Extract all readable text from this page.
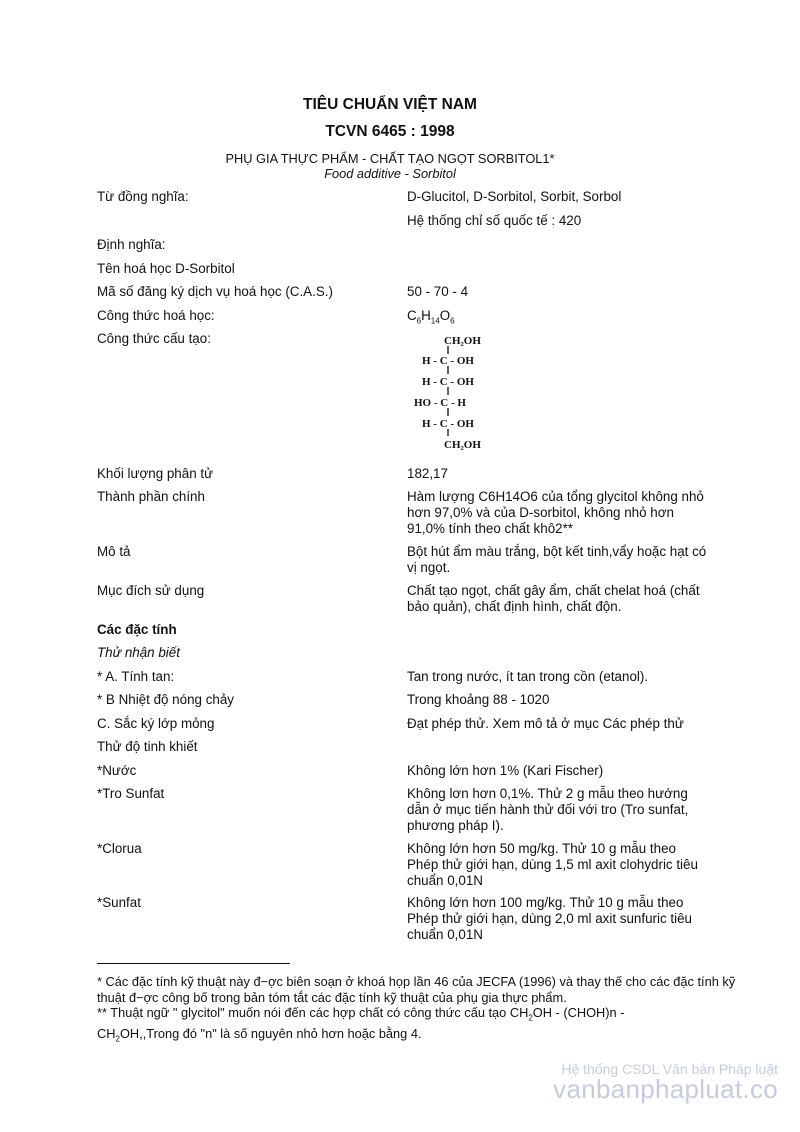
TIÊU CHUẨN VIỆT NAM
TCVN 6465 : 1998
PHỤ GIA THỰC PHẨM - CHẤT TẠO NGỌT SORBITOL1*
Food additive - Sorbitol
Từ đồng nghĩa:	D-Glucitol, D-Sorbitol, Sorbit, Sorbol
Hệ thống chỉ số quốc tế : 420
Định nghĩa:
Tên hoá học D-Sorbitol
Mã số đăng ký dịch vụ hoá học (C.A.S.)	50 - 70 - 4
Công thức hoá học:	$C_6H_{14}O_6$
Công thức cấu tạo:	CH₂OH
H - C - OH
H - C - OH
HO - C - H
H - C - OH
CH₂OH
Khối lượng phân tử	182,17
Thành phần chính	Hàm lượng C6H14O6 của tổng glycitol không nhỏ hơn 97,0% và của D-sorbitol, không nhỏ hơn 91,0% tính theo chất khô2**
Mô tả	Bột hút ẩm màu trắng, bột kết tinh,vẩy hoặc hạt có vị ngọt.
Mục đích sử dụng	Chất tạo ngọt, chất gây ẩm, chất chelat hoá (chất bảo quản), chất định hình, chất độn.
Các đặc tính
Thử nhận biết
* A. Tính tan:	Tan trong nước, ít tan trong cồn (etanol).
* B Nhiệt độ nóng chảy	Trong khoảng 88 - 1020
C. Sắc ký lớp mỏng	Đạt phép thử. Xem mô tả ở mục Các phép thử
Thử độ tinh khiết
*Nước	Không lớn hơn 1% (Kari Fischer)
*Tro Sunfat	Không lơn hơn 0,1%. Thử 2 g mẫu theo hướng dẫn ở mục tiến hành thử đối với tro (Tro sunfat, phương pháp I).
*Clorua	Không lớn hơn 50 mg/kg. Thử 10 g mẫu theo Phép thử giới hạn, dùng 1,5 ml axit clohydric tiêu chuẩn 0,01N
*Sunfat	Không lớn hơn 100 mg/kg. Thử 10 g mẫu theo Phép thử giới hạn, dùng 2,0 ml axit sunfuric tiêu chuẩn 0,01N
* Các đặc tính kỹ thuật này đ−ợc biên soạn ở khoá họp lần 46 của JECFA (1996) và thay thế cho các đặc tính kỹ thuật đ−ợc công bố trong bản tóm tắt các đặc tính kỹ thuật của phụ gia thực phẩm.
** Thuật ngữ " glycitol" muốn nói đến các hợp chất có công thức cấu tạo $CH_2OH$ - (CHOH)n -
$CH_2OH,,Trong$ đó "n" là số nguyên nhỏ hơn hoặc bằng 4.
Hệ thống CSDL Văn bản Pháp luật
vanbanphapluat.co
